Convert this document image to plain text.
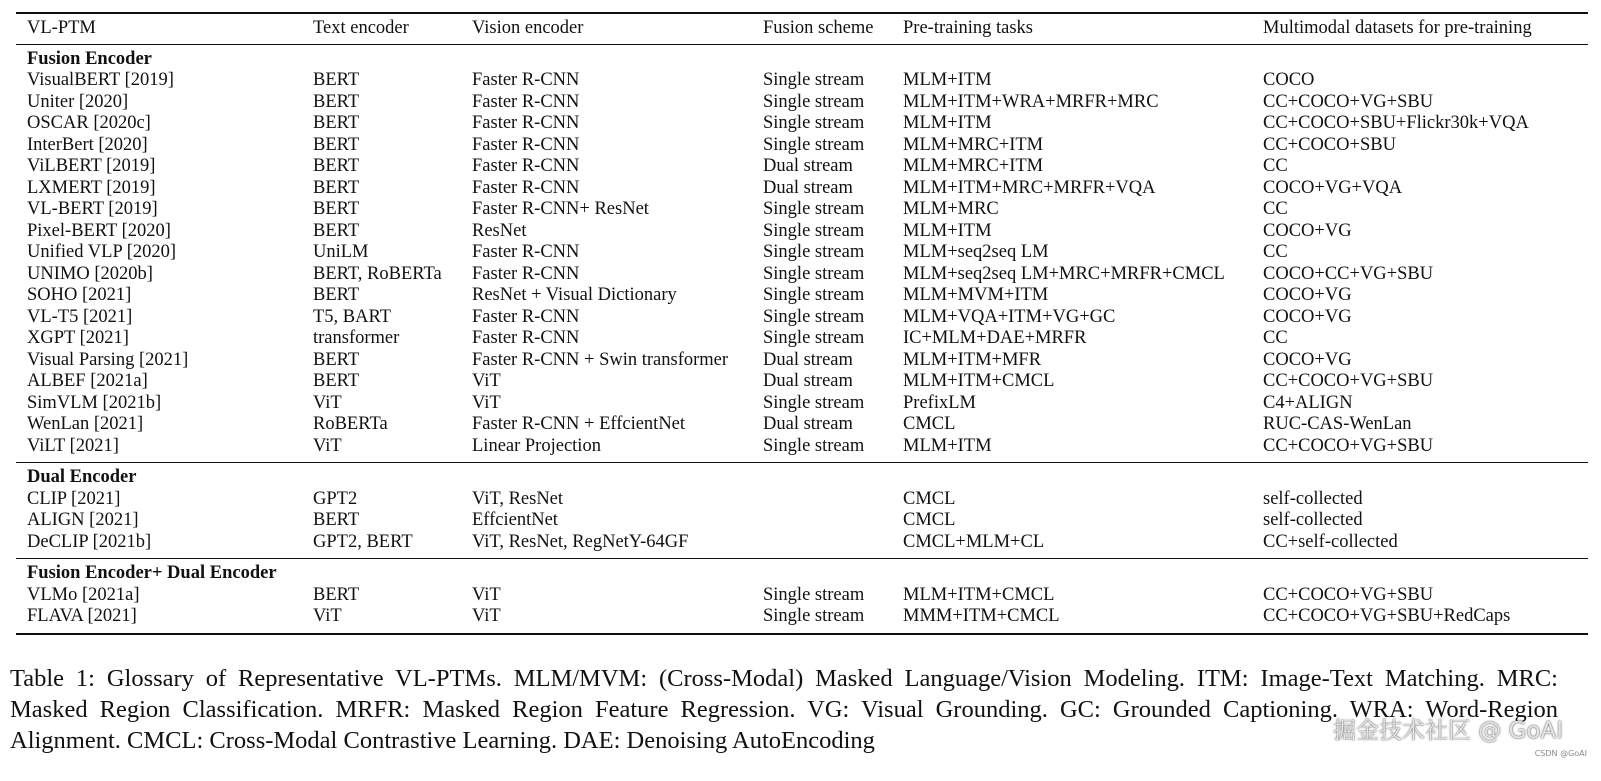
VL-PTM	Text encoder	Vision encoder	Fusion scheme	Pre-training tasks	Multimodal datasets for pre-training
Fusion Encoder					
VisualBERT [2019]	BERT	Faster R-CNN	Single stream	MLM+ITM	COCO
Uniter [2020]	BERT	Faster R-CNN	Single stream	MLM+ITM+WRA+MRFR+MRC	CC+COCO+VG+SBU
OSCAR [2020c]	BERT	Faster R-CNN	Single stream	MLM+ITM	CC+COCO+SBU+Flickr30k+VQA
InterBert [2020]	BERT	Faster R-CNN	Single stream	MLM+MRC+ITM	CC+COCO+SBU
ViLBERT [2019]	BERT	Faster R-CNN	Dual stream	MLM+MRC+ITM	CC
LXMERT [2019]	BERT	Faster R-CNN	Dual stream	MLM+ITM+MRC+MRFR+VQA	COCO+VG+VQA
VL-BERT [2019]	BERT	Faster R-CNN+ ResNet	Single stream	MLM+MRC	CC
Pixel-BERT [2020]	BERT	ResNet	Single stream	MLM+ITM	COCO+VG
Unified VLP [2020]	UniLM	Faster R-CNN	Single stream	MLM+seq2seq LM	CC
UNIMO [2020b]	BERT, RoBERTa	Faster R-CNN	Single stream	MLM+seq2seq LM+MRC+MRFR+CMCL	COCO+CC+VG+SBU
SOHO [2021]	BERT	ResNet + Visual Dictionary	Single stream	MLM+MVM+ITM	COCO+VG
VL-T5 [2021]	T5, BART	Faster R-CNN	Single stream	MLM+VQA+ITM+VG+GC	COCO+VG
XGPT [2021]	transformer	Faster R-CNN	Single stream	IC+MLM+DAE+MRFR	CC
Visual Parsing [2021]	BERT	Faster R-CNN + Swin transformer	Dual stream	MLM+ITM+MFR	COCO+VG
ALBEF [2021a]	BERT	ViT	Dual stream	MLM+ITM+CMCL	CC+COCO+VG+SBU
SimVLM [2021b]	ViT	ViT	Single stream	PrefixLM	C4+ALIGN
WenLan [2021]	RoBERTa	Faster R-CNN + EffcientNet	Dual stream	CMCL	RUC-CAS-WenLan
ViLT [2021]	ViT	Linear Projection	Single stream	MLM+ITM	CC+COCO+VG+SBU

Dual Encoder					
CLIP [2021]	GPT2	ViT, ResNet		CMCL	self-collected
ALIGN [2021]	BERT	EffcientNet		CMCL	self-collected
DeCLIP [2021b]	GPT2, BERT	ViT, ResNet, RegNetY-64GF		CMCL+MLM+CL	CC+self-collected

Fusion Encoder+ Dual Encoder					
VLMo [2021a]	BERT	ViT	Single stream	MLM+ITM+CMCL	CC+COCO+VG+SBU
FLAVA [2021]	ViT	ViT	Single stream	MMM+ITM+CMCL	CC+COCO+VG+SBU+RedCaps

Table 1: Glossary of Representative VL-PTMs. MLM/MVM: (Cross-Modal) Masked Language/Vision Modeling. ITM: Image-Text Matching. MRC: Masked Region Classification. MRFR: Masked Region Feature Regression. VG: Visual Grounding. GC: Grounded Captioning. WRA: Word-Region Alignment. CMCL: Cross-Modal Contrastive Learning. DAE: Denoising AutoEncoding	掘金技术社区 @ GoAI
CSDN @GoAI
